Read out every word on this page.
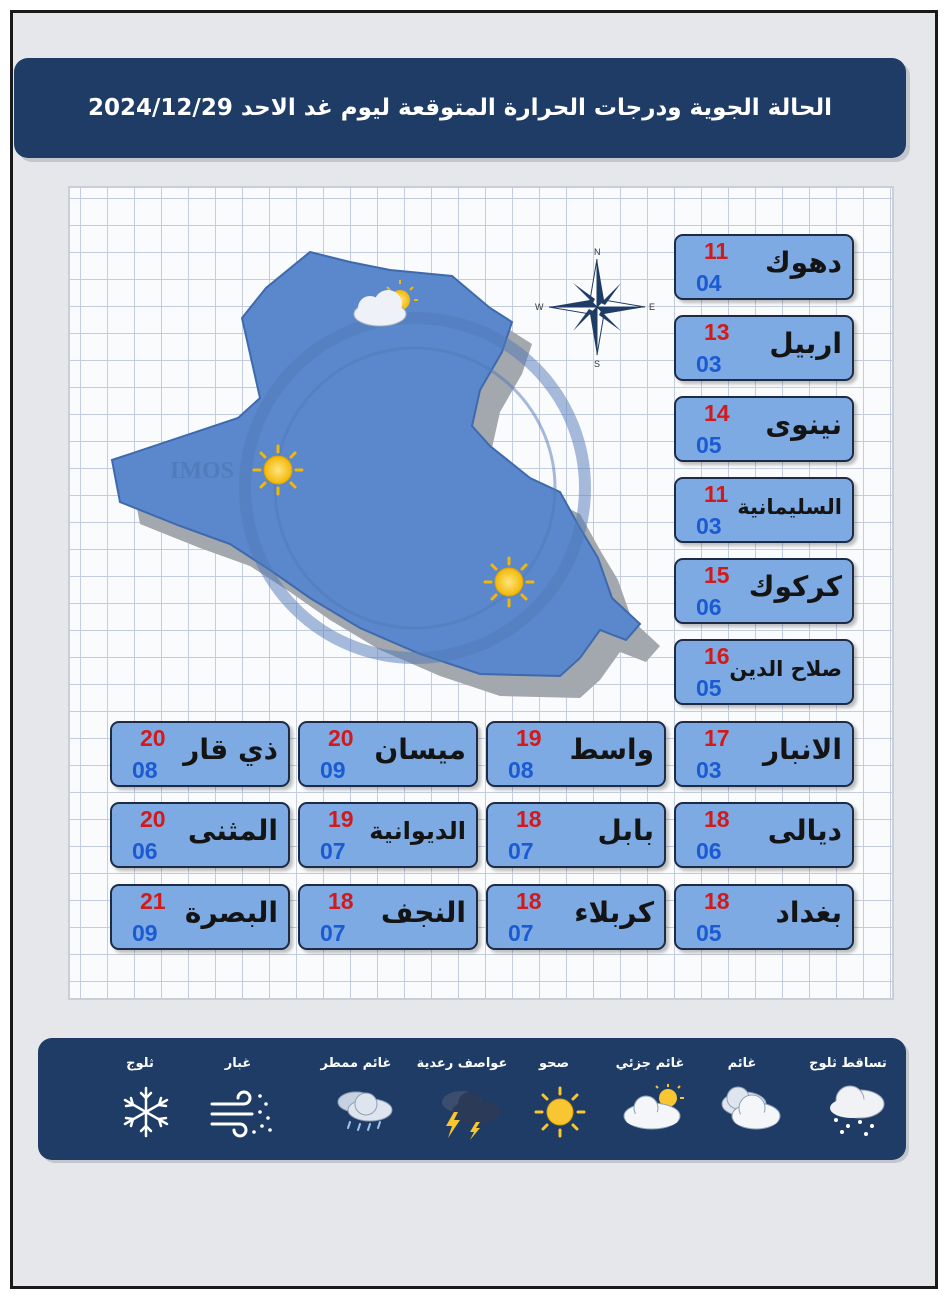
الحالة الجوية ودرجات الحرارة المتوقعة ليوم غد الاحد 2024/12/29
IMOS
N
S
E
W
دهوك
11
04
اربيل
13
03
نينوى
14
05
السليمانية
11
03
كركوك
15
06
صلاح الدين
16
05
الانبار
17
03
واسط
19
08
ميسان
20
09
ذي قار
20
08
ديالى
18
06
بابل
18
07
الديوانية
19
07
المثنى
20
06
بغداد
18
05
كربلاء
18
07
النجف
18
07
البصرة
21
09
تساقط ثلوج
غائم
غائم جزئي
صحو
عواصف رعدية
غائم ممطر
غبار
ثلوج
